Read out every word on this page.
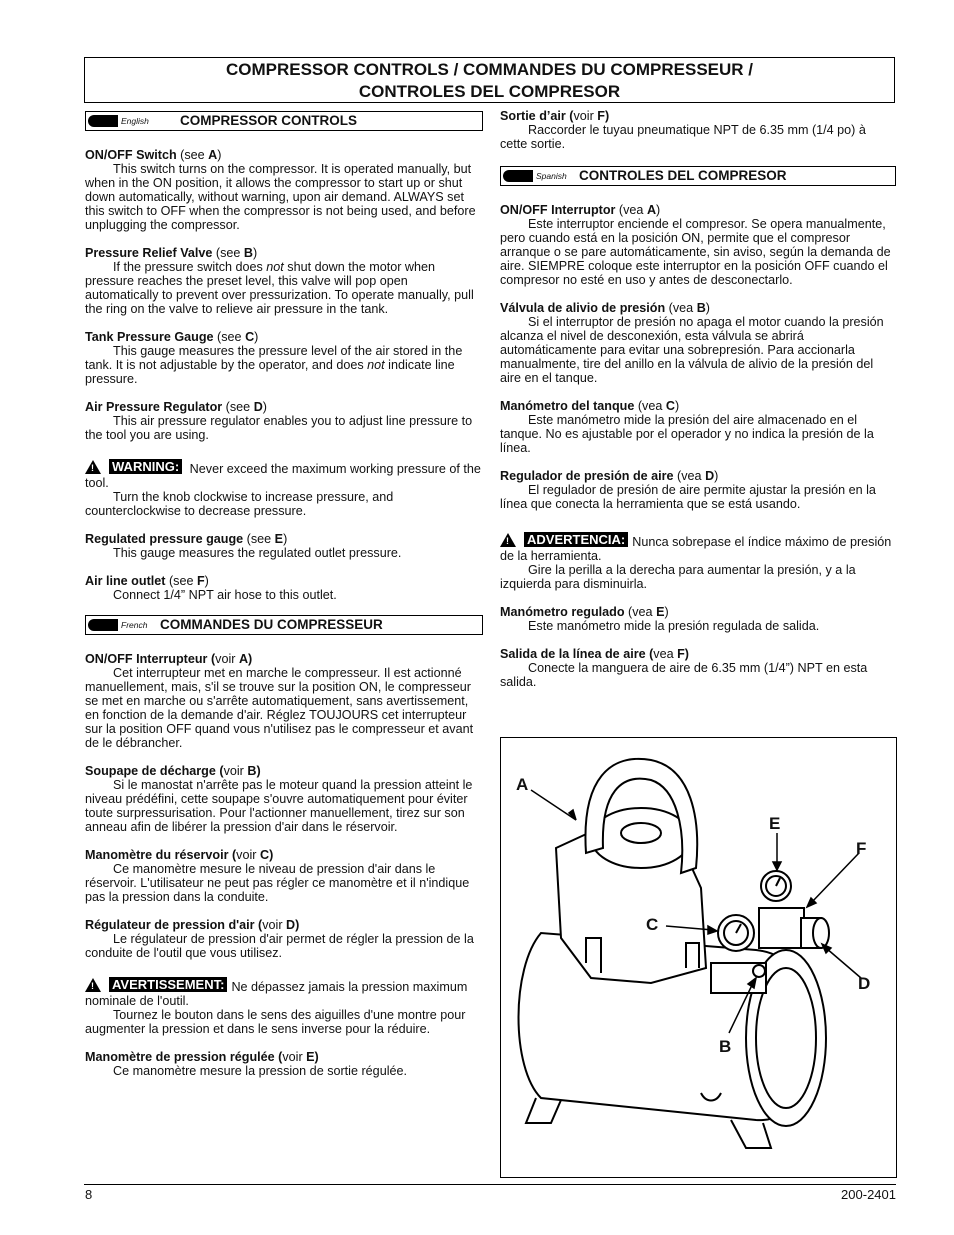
COMPRESSOR CONTROLS / COMMANDES DU COMPRESSEUR /
CONTROLES DEL COMPRESOR
English COMPRESSOR CONTROLS

ON/OFF Switch (see A)

This switch turns on the compressor. It is operated manually, but when in the ON position, it allows the compressor to start up or shut down automatically, without warning, upon air demand. ALWAYS set this switch to OFF when the compressor is not being used, and before unplugging the compressor.

Pressure Relief Valve (see B)

If the pressure switch does not shut down the motor when pressure reaches the preset level, this valve will pop open automatically to prevent over pressurization. To operate manually, pull the ring on the valve to relieve air pressure in the tank.

Tank Pressure Gauge (see C)

This gauge measures the pressure level of the air stored in the tank. It is not adjustable by the operator, and does not indicate line pressure.

Air Pressure Regulator (see D)

This air pressure regulator enables you to adjust line pressure to the tool you are using.

! WARNING: Never exceed the maximum working pressure of the tool.

Turn the knob clockwise to increase pressure, and counterclockwise to decrease pressure.

Regulated pressure gauge (see E)

This gauge measures the regulated outlet pressure.

Air line outlet (see F)

Connect 1/4” NPT air hose to this outlet.

French COMMANDES DU COMPRESSEUR

ON/OFF Interrupteur (voir A)

Cet interrupteur met en marche le compresseur. Il est actionné manuellement, mais, s'il se trouve sur la position ON, le compresseur se met en marche ou s'arrête automatiquement, sans avertissement, en fonction de la demande d'air. Réglez TOUJOURS cet interrupteur sur la position OFF quand vous n'utilisez pas le compresseur et avant de le débrancher.

Soupape de décharge (voir B)

Si le manostat n'arrête pas le moteur quand la pression atteint le niveau prédéfini, cette soupape s'ouvre automatiquement pour éviter toute surpressurisation. Pour l'actionner manuellement, tirez sur son anneau afin de libérer la pression d'air dans le réservoir.

Manomètre du réservoir (voir C)

Ce manomètre mesure le niveau de pression d'air dans le réservoir. L'utilisateur ne peut pas régler ce manomètre et il n'indique pas la pression dans la conduite.

Régulateur de pression d'air (voir D)

Le régulateur de pression d'air permet de régler la pression de la conduite de l'outil que vous utilisez.

! AVERTISSEMENT: Ne dépassez jamais la pression maximum nominale de l'outil.

Tournez le bouton dans le sens des aiguilles d'une montre pour augmenter la pression et dans le sens inverse pour la réduire.

Manomètre de pression régulée (voir E)

Ce manomètre mesure la pression de sortie régulée.

Sortie d’air (voir F)

Raccorder le tuyau pneumatique NPT de 6.35 mm (1/4 po) à cette sortie.

Spanish CONTROLES DEL COMPRESOR

ON/OFF Interruptor (vea A)

Este interruptor enciende el compresor. Se opera manualmente, pero cuando está en la posición ON, permite que el compresor arranque o se pare automáticamente, sin aviso, según la demanda de aire. SIEMPRE coloque este interruptor en la posición OFF cuando el compresor no esté en uso y antes de desconectarlo.

Válvula de alivio de presión (vea B)

Si el interruptor de presión no apaga el motor cuando la presión alcanza el nivel de desconexión, esta válvula se abrirá automáticamente para evitar una sobrepresión. Para accionarla manualmente, tire del anillo en la válvula de alivio de la presión del aire en el tanque.

Manómetro del tanque (vea C)

Este manómetro mide la presión del aire almacenado en el tanque. No es ajustable por el operador y no indica la presión de la línea.

Regulador de presión de aire (vea D)

El regulador de presión de aire permite ajustar la presión en la línea que conecta la herramienta que se está usando.

! ADVERTENCIA: Nunca sobrepase el índice máximo de presión de la herramienta.

Gire la perilla a la derecha para aumentar la presión, y a la izquierda para disminuirla.

Manómetro regulado (vea E)

Este manómetro mide la presión regulada de salida.

Salida de la línea de aire (vea F)

Conecte la manguera de aire de 6.35 mm (1/4”) NPT en esta salida.

A
E
F
C
D
B
8	200-2401
